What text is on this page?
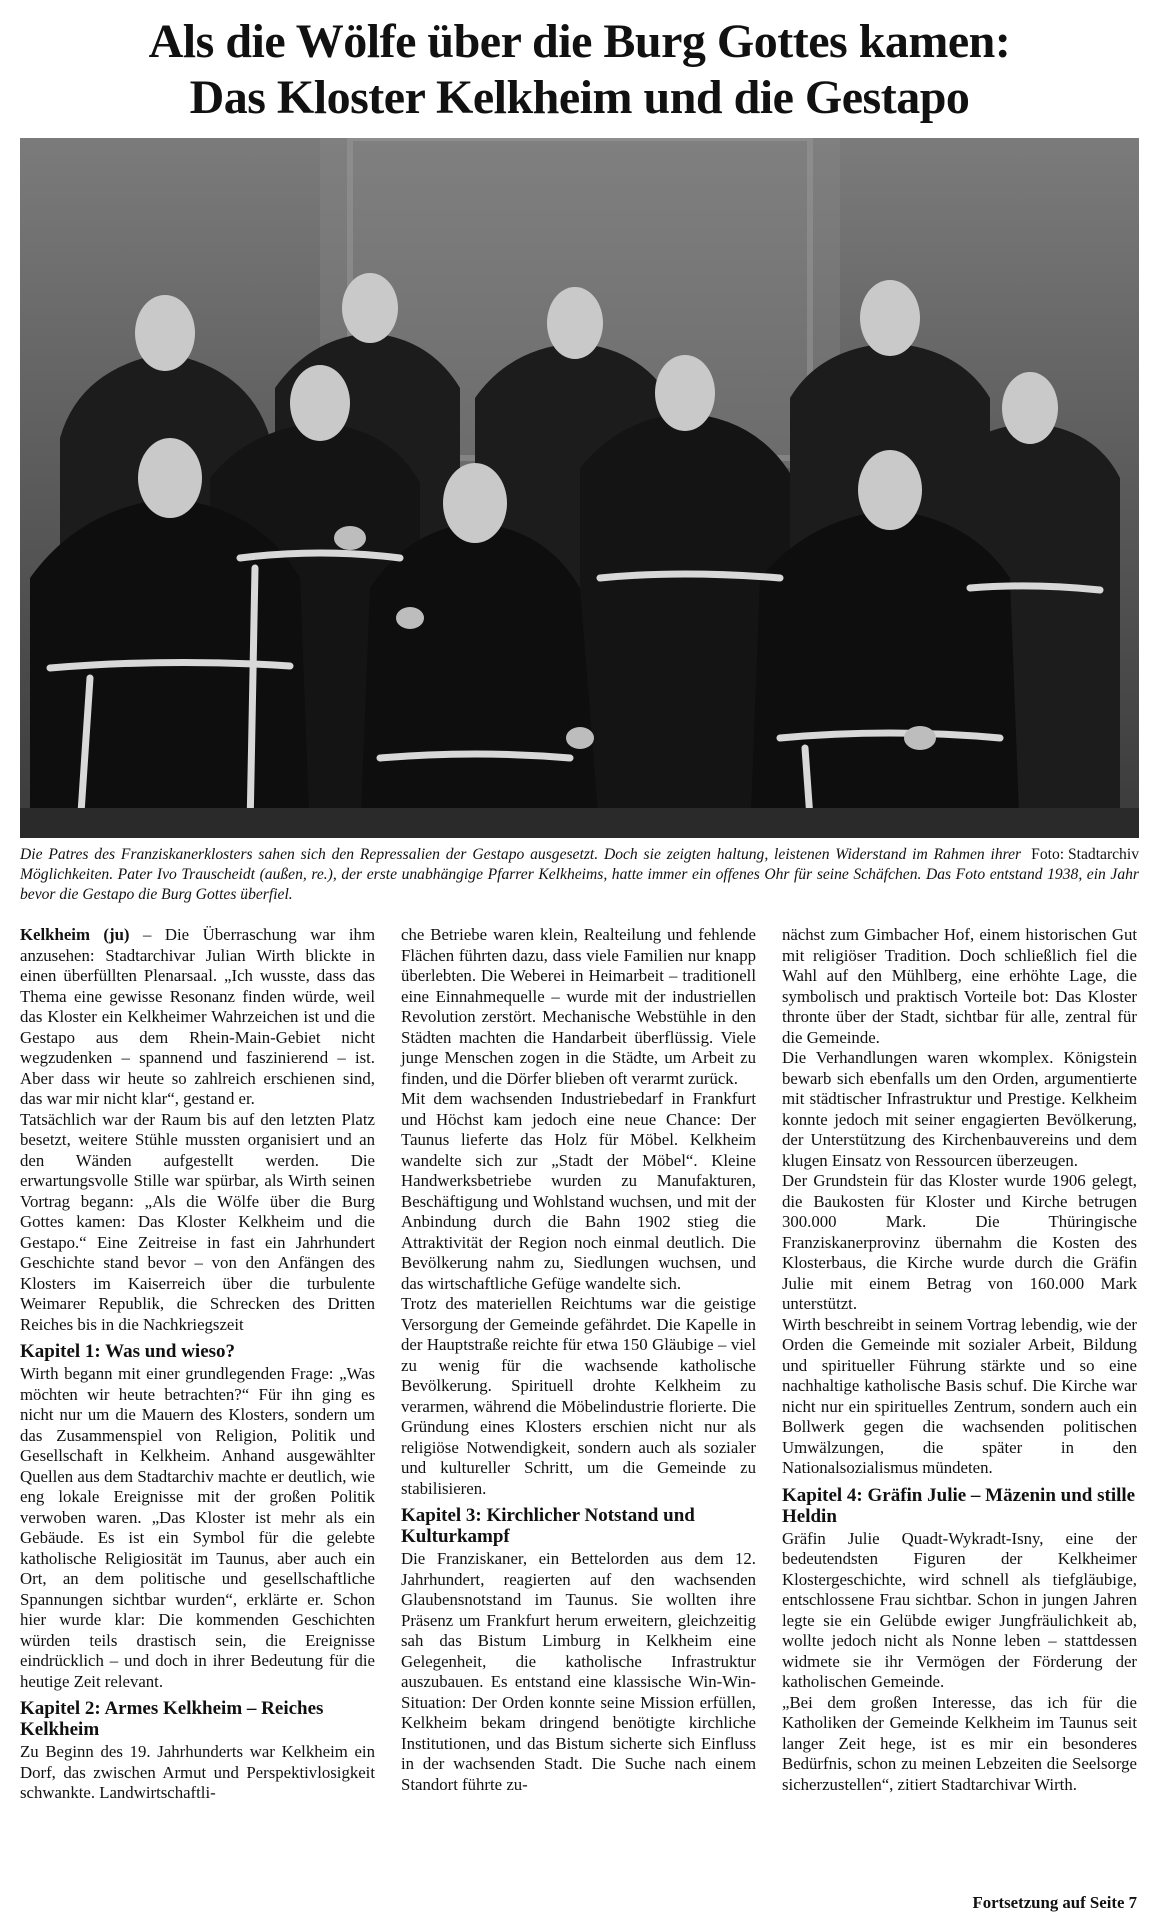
Als die Wölfe über die Burg Gottes kamen:
Das Kloster Kelkheim und die Gestapo
Foto: Stadtarchiv
Die Patres des Franziskanerklosters sahen sich den Repressalien der Gestapo ausgesetzt. Doch sie zeigten haltung, leistenen Widerstand im Rahmen ihrer Möglichkeiten. Pater Ivo Trauscheidt (außen, re.), der erste unabhängige Pfarrer Kelkheims, hatte immer ein offenes Ohr für seine Schäfchen. Das Foto entstand 1938, ein Jahr bevor die Gestapo die Burg Gottes überfiel.

Kelkheim (ju) – Die Überraschung war ihm anzusehen: Stadtarchivar Julian Wirth blickte in einen überfüllten Plenarsaal. „Ich wusste, dass das Thema eine gewisse Resonanz finden würde, weil das Kloster ein Kelkheimer Wahrzeichen ist und die Gestapo aus dem Rhein-Main-Gebiet nicht wegzudenken – spannend und faszinierend – ist. Aber dass wir heute so zahlreich erschienen sind, das war mir nicht klar“, gestand er.

Tatsächlich war der Raum bis auf den letzten Platz besetzt, weitere Stühle mussten organisiert und an den Wänden aufgestellt werden. Die erwartungsvolle Stille war spürbar, als Wirth seinen Vortrag begann: „Als die Wölfe über die Burg Gottes kamen: Das Kloster Kelkheim und die Gestapo.“ Eine Zeitreise in fast ein Jahrhundert Geschichte stand bevor – von den Anfängen des Klosters im Kaiserreich über die turbulente Weimarer Republik, die Schrecken des Dritten Reiches bis in die Nachkriegszeit

Kapitel 1: Was und wieso?

Wirth begann mit einer grundlegenden Frage: „Was möchten wir heute betrachten?“ Für ihn ging es nicht nur um die Mauern des Klosters, sondern um das Zusammenspiel von Religion, Politik und Gesellschaft in Kelkheim. Anhand ausgewählter Quellen aus dem Stadtarchiv machte er deutlich, wie eng lokale Ereignisse mit der großen Politik verwoben waren. „Das Kloster ist mehr als ein Gebäude. Es ist ein Symbol für die gelebte katholische Religiosität im Taunus, aber auch ein Ort, an dem politische und gesellschaftliche Spannungen sichtbar wurden“, erklärte er. Schon hier wurde klar: Die kommenden Geschichten würden teils drastisch sein, die Ereignisse eindrücklich – und doch in ihrer Bedeutung für die heutige Zeit relevant.

Kapitel 2: Armes Kelkheim – Reiches Kelkheim

Zu Beginn des 19. Jahrhunderts war Kelkheim ein Dorf, das zwischen Armut und Perspektivlosigkeit schwankte. Landwirtschaftli-

che Betriebe waren klein, Realteilung und fehlende Flächen führten dazu, dass viele Familien nur knapp überlebten. Die Weberei in Heimarbeit – traditionell eine Einnahmequelle – wurde mit der industriellen Revolution zerstört. Mechanische Webstühle in den Städten machten die Handarbeit überflüssig. Viele junge Menschen zogen in die Städte, um Arbeit zu finden, und die Dörfer blieben oft verarmt zurück.

Mit dem wachsenden Industriebedarf in Frankfurt und Höchst kam jedoch eine neue Chance: Der Taunus lieferte das Holz für Möbel. Kelkheim wandelte sich zur „Stadt der Möbel“. Kleine Handwerksbetriebe wurden zu Manufakturen, Beschäftigung und Wohlstand wuchsen, und mit der Anbindung durch die Bahn 1902 stieg die Attraktivität der Region noch einmal deutlich. Die Bevölkerung nahm zu, Siedlungen wuchsen, und das wirtschaftliche Gefüge wandelte sich.

Trotz des materiellen Reichtums war die geistige Versorgung der Gemeinde gefährdet. Die Kapelle in der Hauptstraße reichte für etwa 150 Gläubige – viel zu wenig für die wachsende katholische Bevölkerung. Spirituell drohte Kelkheim zu verarmen, während die Möbelindustrie florierte. Die Gründung eines Klosters erschien nicht nur als religiöse Notwendigkeit, sondern auch als sozialer und kultureller Schritt, um die Gemeinde zu stabilisieren.

Kapitel 3: Kirchlicher Notstand und Kulturkampf

Die Franziskaner, ein Bettelorden aus dem 12. Jahrhundert, reagierten auf den wachsenden Glaubensnotstand im Taunus. Sie wollten ihre Präsenz um Frankfurt herum erweitern, gleichzeitig sah das Bistum Limburg in Kelkheim eine Gelegenheit, die katholische Infrastruktur auszubauen. Es entstand eine klassische Win-Win-Situation: Der Orden konnte seine Mission erfüllen, Kelkheim bekam dringend benötigte kirchliche Institutionen, und das Bistum sicherte sich Einfluss in der wachsenden Stadt. Die Suche nach einem Standort führte zu-

nächst zum Gimbacher Hof, einem historischen Gut mit religiöser Tradition. Doch schließlich fiel die Wahl auf den Mühlberg, eine erhöhte Lage, die symbolisch und praktisch Vorteile bot: Das Kloster thronte über der Stadt, sichtbar für alle, zentral für die Gemeinde.

Die Verhandlungen waren wkomplex. Königstein bewarb sich ebenfalls um den Orden, argumentierte mit städtischer Infrastruktur und Prestige. Kelkheim konnte jedoch mit seiner engagierten Bevölkerung, der Unterstützung des Kirchenbauvereins und dem klugen Einsatz von Ressourcen überzeugen.

Der Grundstein für das Kloster wurde 1906 gelegt, die Baukosten für Kloster und Kirche betrugen 300.000 Mark. Die Thüringische Franziskanerprovinz übernahm die Kosten des Klosterbaus, die Kirche wurde durch die Gräfin Julie mit einem Betrag von 160.000 Mark unterstützt.

Wirth beschreibt in seinem Vortrag lebendig, wie der Orden die Gemeinde mit sozialer Arbeit, Bildung und spiritueller Führung stärkte und so eine nachhaltige katholische Basis schuf. Die Kirche war nicht nur ein spirituelles Zentrum, sondern auch ein Bollwerk gegen die wachsenden politischen Umwälzungen, die später in den Nationalsozialismus mündeten.

Kapitel 4: Gräfin Julie – Mäzenin und stille Heldin

Gräfin Julie Quadt-Wykradt-Isny, eine der bedeutendsten Figuren der Kelkheimer Klostergeschichte, wird schnell als tiefgläubige, entschlossene Frau sichtbar. Schon in jungen Jahren legte sie ein Gelübde ewiger Jungfräulichkeit ab, wollte jedoch nicht als Nonne leben – stattdessen widmete sie ihr Vermögen der Förderung der katholischen Gemeinde.

„Bei dem großen Interesse, das ich für die Katholiken der Gemeinde Kelkheim im Taunus seit langer Zeit hege, ist es mir ein besonderes Bedürfnis, schon zu meinen Lebzeiten die Seelsorge sicherzustellen“, zitiert Stadtarchivar Wirth.

Fortsetzung auf Seite 7
